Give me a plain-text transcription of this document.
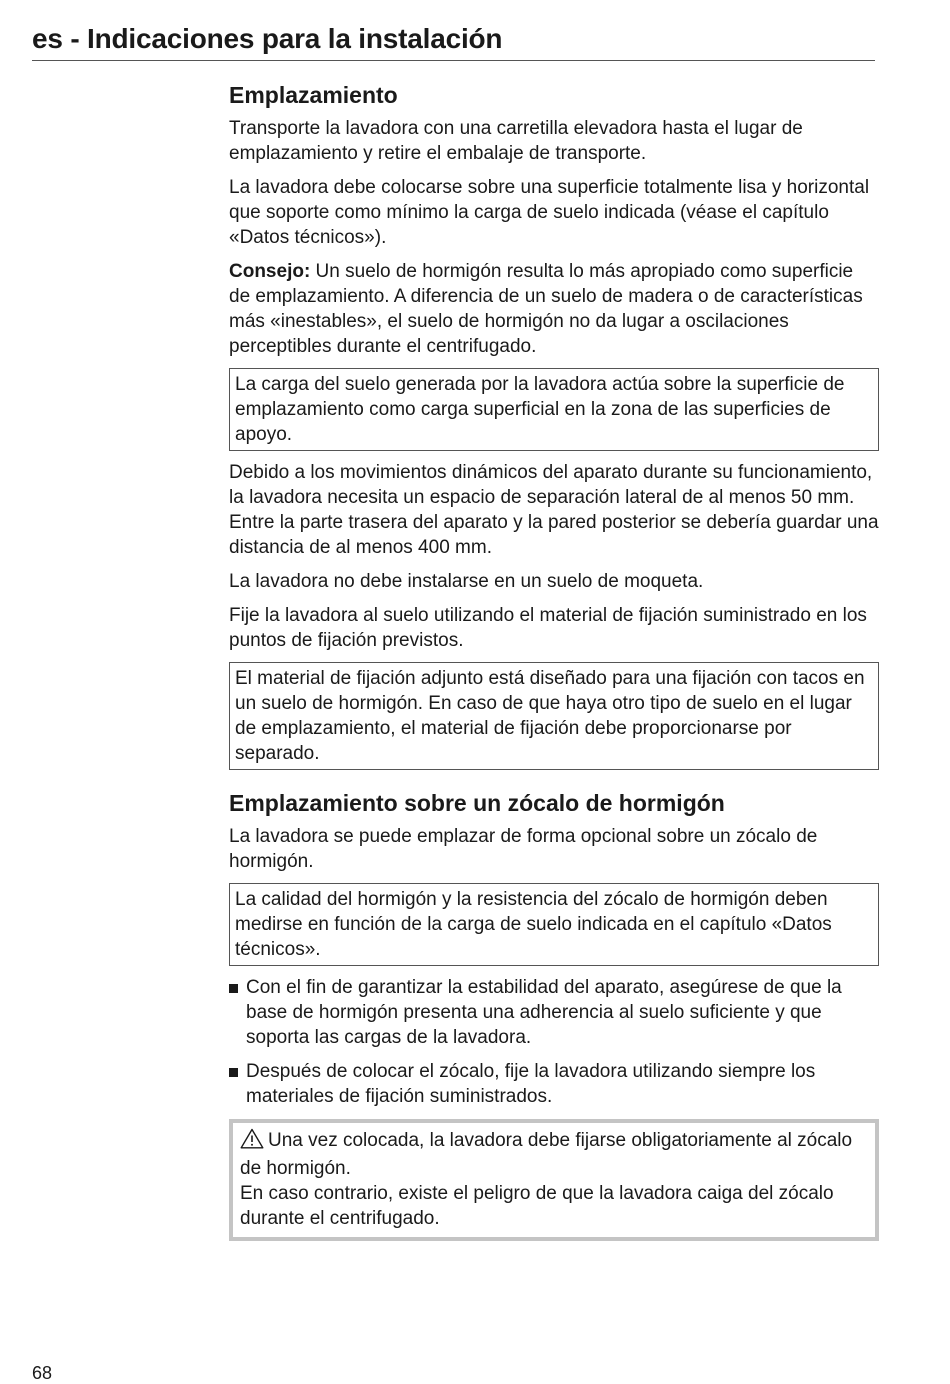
es - Indicaciones para la instalación
Emplazamiento

Transporte la lavadora con una carretilla elevadora hasta el lugar de emplazamiento y retire el embalaje de transporte.

La lavadora debe colocarse sobre una superficie totalmente lisa y horizontal que soporte como mínimo la carga de suelo indicada (véase el capítulo «Datos técnicos»).

Consejo: Un suelo de hormigón resulta lo más apropiado como superficie de emplazamiento. A diferencia de un suelo de madera o de características más «inestables», el suelo de hormigón no da lugar a oscilaciones perceptibles durante el centrifugado.

La carga del suelo generada por la lavadora actúa sobre la superficie de emplazamiento como carga superficial en la zona de las superficies de apoyo.

Debido a los movimientos dinámicos del aparato durante su funcionamiento, la lavadora necesita un espacio de separación lateral de al menos 50 mm. Entre la parte trasera del aparato y la pared posterior se debería guardar una distancia de al menos 400 mm.

La lavadora no debe instalarse en un suelo de moqueta.

Fije la lavadora al suelo utilizando el material de fijación suministrado en los puntos de fijación previstos.

El material de fijación adjunto está diseñado para una fijación con tacos en un suelo de hormigón. En caso de que haya otro tipo de suelo en el lugar de emplazamiento, el material de fijación debe proporcionarse por separado.

Emplazamiento sobre un zócalo de hormigón

La lavadora se puede emplazar de forma opcional sobre un zócalo de hormigón.

La calidad del hormigón y la resistencia del zócalo de hormigón deben medirse en función de la carga de suelo indicada en el capítulo «Datos técnicos».

Con el fin de garantizar la estabilidad del aparato, asegúrese de que la base de hormigón presenta una adherencia al suelo suficiente y que soporta las cargas de la lavadora.
Después de colocar el zócalo, fije la lavadora utilizando siempre los materiales de fijación suministrados.

Una vez colocada, la lavadora debe fijarse obligatoriamente al zócalo de hormigón.

En caso contrario, existe el peligro de que la lavadora caiga del zócalo durante el centrifugado.

68
